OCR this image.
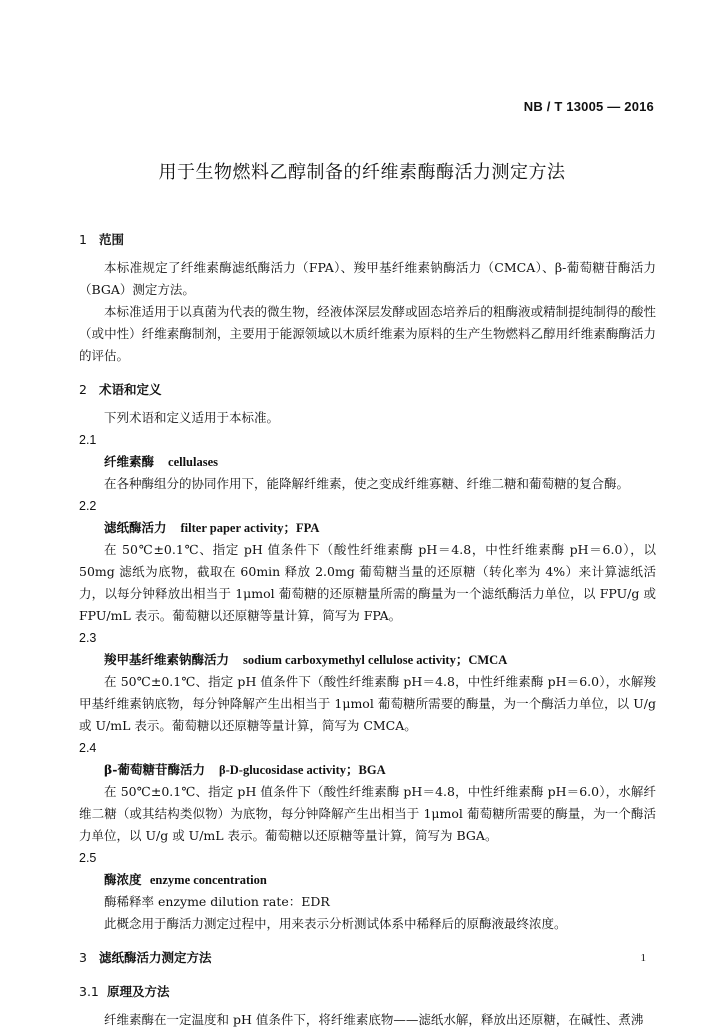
NB / T 13005 — 2016
用于生物燃料乙醇制备的纤维素酶酶活力测定方法
1 范围
本标准规定了纤维素酶滤纸酶活力（FPA）、羧甲基纤维素钠酶活力（CMCA）、β-葡萄糖苷酶活力（BGA）测定方法。
本标准适用于以真菌为代表的微生物，经液体深层发酵或固态培养后的粗酶液或精制提纯制得的酸性（或中性）纤维素酶制剂，主要用于能源领域以木质纤维素为原料的生产生物燃料乙醇用纤维素酶酶活力的评估。
2 术语和定义
下列术语和定义适用于本标准。
2.1
纤维素酶 cellulases
在各种酶组分的协同作用下，能降解纤维素，使之变成纤维寡糖、纤维二糖和葡萄糖的复合酶。
2.2
滤纸酶活力 filter paper activity；FPA
在 50℃±0.1℃、指定 pH 值条件下（酸性纤维素酶 pH＝4.8，中性纤维素酶 pH＝6.0），以 50mg 滤纸为底物，截取在 60min 释放 2.0mg 葡萄糖当量的还原糖（转化率为 4%）来计算滤纸活力，以每分钟释放出相当于 1μmol 葡萄糖的还原糖量所需的酶量为一个滤纸酶活力单位，以 FPU/g 或 FPU/mL 表示。葡萄糖以还原糖等量计算，简写为 FPA。
2.3
羧甲基纤维素钠酶活力 sodium carboxymethyl cellulose activity；CMCA
在 50℃±0.1℃、指定 pH 值条件下（酸性纤维素酶 pH＝4.8，中性纤维素酶 pH＝6.0），水解羧甲基纤维素钠底物，每分钟降解产生出相当于 1μmol 葡萄糖所需要的酶量，为一个酶活力单位，以 U/g 或 U/mL 表示。葡萄糖以还原糖等量计算，简写为 CMCA。
2.4
β-葡萄糖苷酶活力 β-D-glucosidase activity；BGA
在 50℃±0.1℃、指定 pH 值条件下（酸性纤维素酶 pH＝4.8，中性纤维素酶 pH＝6.0），水解纤维二糖（或其结构类似物）为底物，每分钟降解产生出相当于 1μmol 葡萄糖所需要的酶量，为一个酶活力单位，以 U/g 或 U/mL 表示。葡萄糖以还原糖等量计算，简写为 BGA。
2.5
酶浓度 enzyme concentration
酶稀释率 enzyme dilution rate：EDR
此概念用于酶活力测定过程中，用来表示分析测试体系中稀释后的原酶液最终浓度。
3 滤纸酶活力测定方法
3.1 原理及方法
纤维素酶在一定温度和 pH 值条件下，将纤维素底物——滤纸水解，释放出还原糖，在碱性、煮沸
1
